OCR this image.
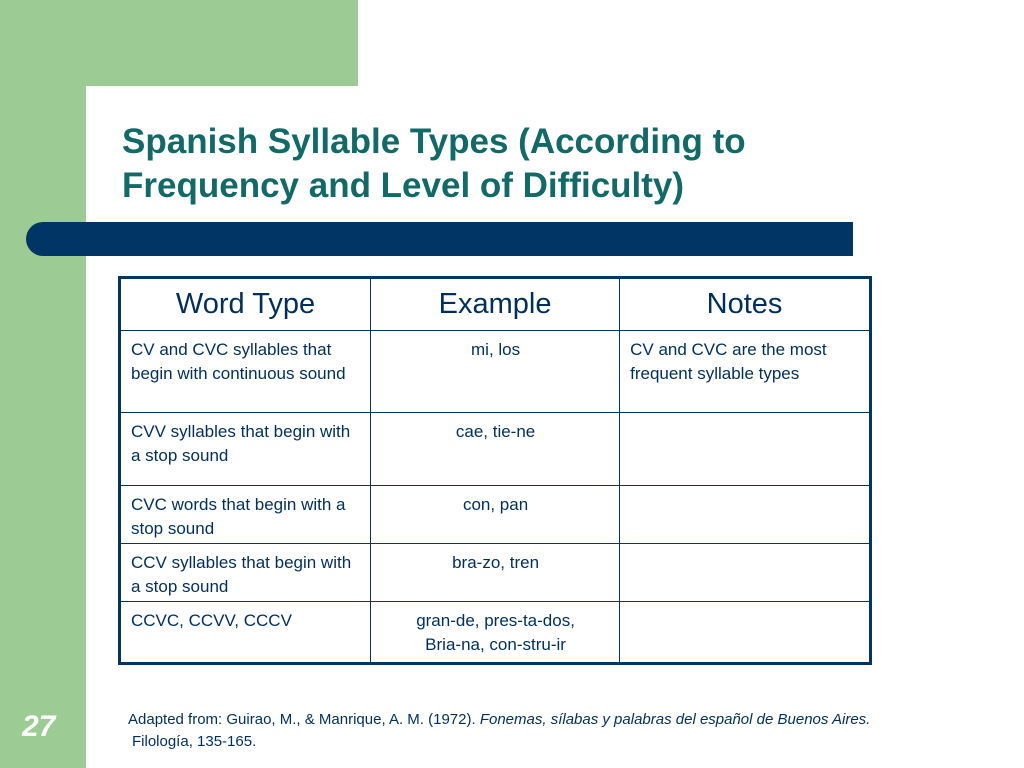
Spanish Syllable Types (According to
Frequency and Level of Difficulty)
Word Type	Example	Notes
CV and CVC syllables that begin with continuous sound	mi, los	CV and CVC are the most frequent syllable types
CVV syllables that begin with a stop sound	cae, tie-ne	
CVC words that begin with a stop sound	con, pan	
CCV syllables that begin with a stop sound	bra-zo, tren	
CCVC, CCVV, CCCV	gran-de, pres-ta-dos,
Bria-na, con-stru-ir	

27	Adapted from: Guirao, M., & Manrique, A. M. (1972). Fonemas, sílabas y palabras del español de Buenos Aires.
Filología, 135-165.
